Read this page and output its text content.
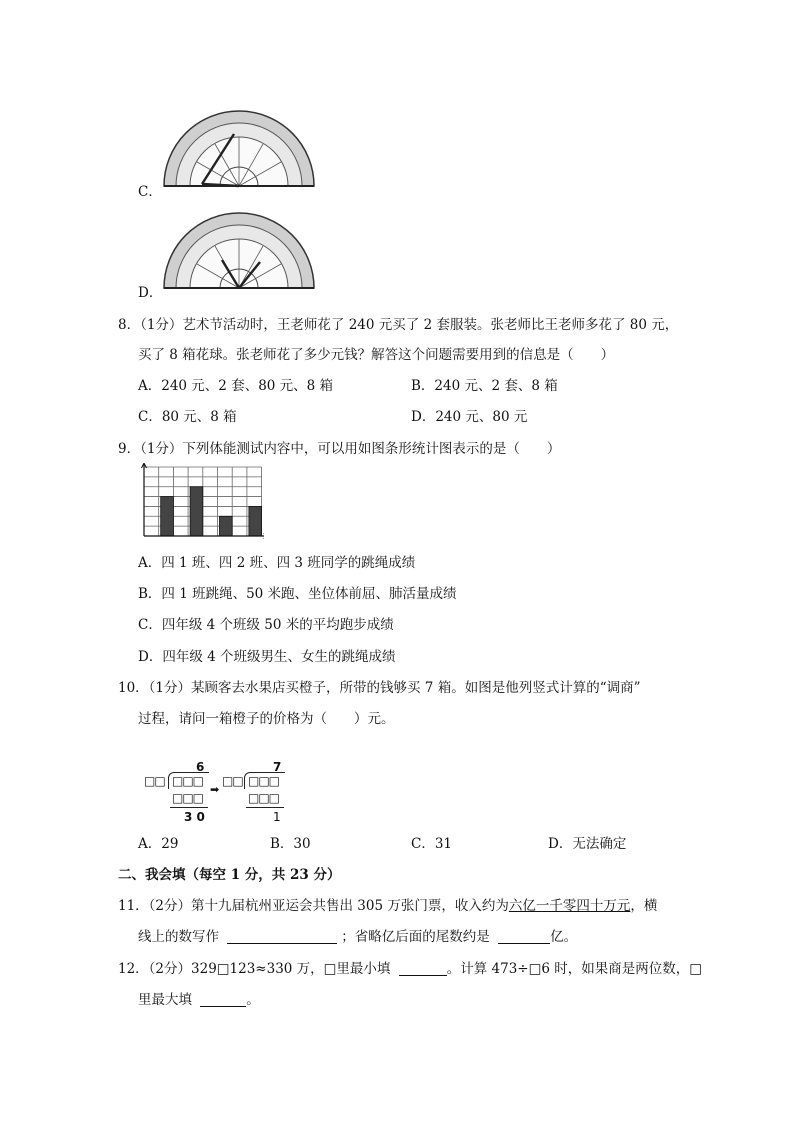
C．
D．
8．（1分）艺术节活动时，王老师花了 240 元买了 2 套服装。张老师比王老师多花了 80 元，
买了 8 箱花球。张老师花了多少元钱？解答这个问题需要用到的信息是（　　）
A．240 元、2 套、80 元、8 箱	B．240 元、2 套、8 箱
C．80 元、8 箱	D．240 元、80 元
9．（1分）下列体能测试内容中，可以用如图条形统计图表示的是（　　）
A．四 1 班、四 2 班、四 3 班同学的跳绳成绩
B．四 1 班跳绳、50 米跑、坐位体前屈、肺活量成绩
C．四年级 4 个班级 50 米的平均跑步成绩
D．四年级 4 个班级男生、女生的跳绳成绩
10．（1分）某顾客去水果店买橙子，所带的钱够买 7 箱。如图是他列竖式计算的“调商”
过程，请问一箱橙子的价格为（　　）元。
6
□□ □□□
□□□
3 0
➡
7
□□ □□□
□□□
1
A．29	B．30	C．31	D．无法确定
二、我会填（每空 1 分，共 23 分）
11．（2分）第十九届杭州亚运会共售出 305 万张门票，收入约为六亿一千零四十万元，横
线上的数写作	；省略亿后面的尾数约是	亿。
12．（2分）329□123≈330 万，□里最小填	。计算 473÷□6 时，如果商是两位数，□
里最大填	。
